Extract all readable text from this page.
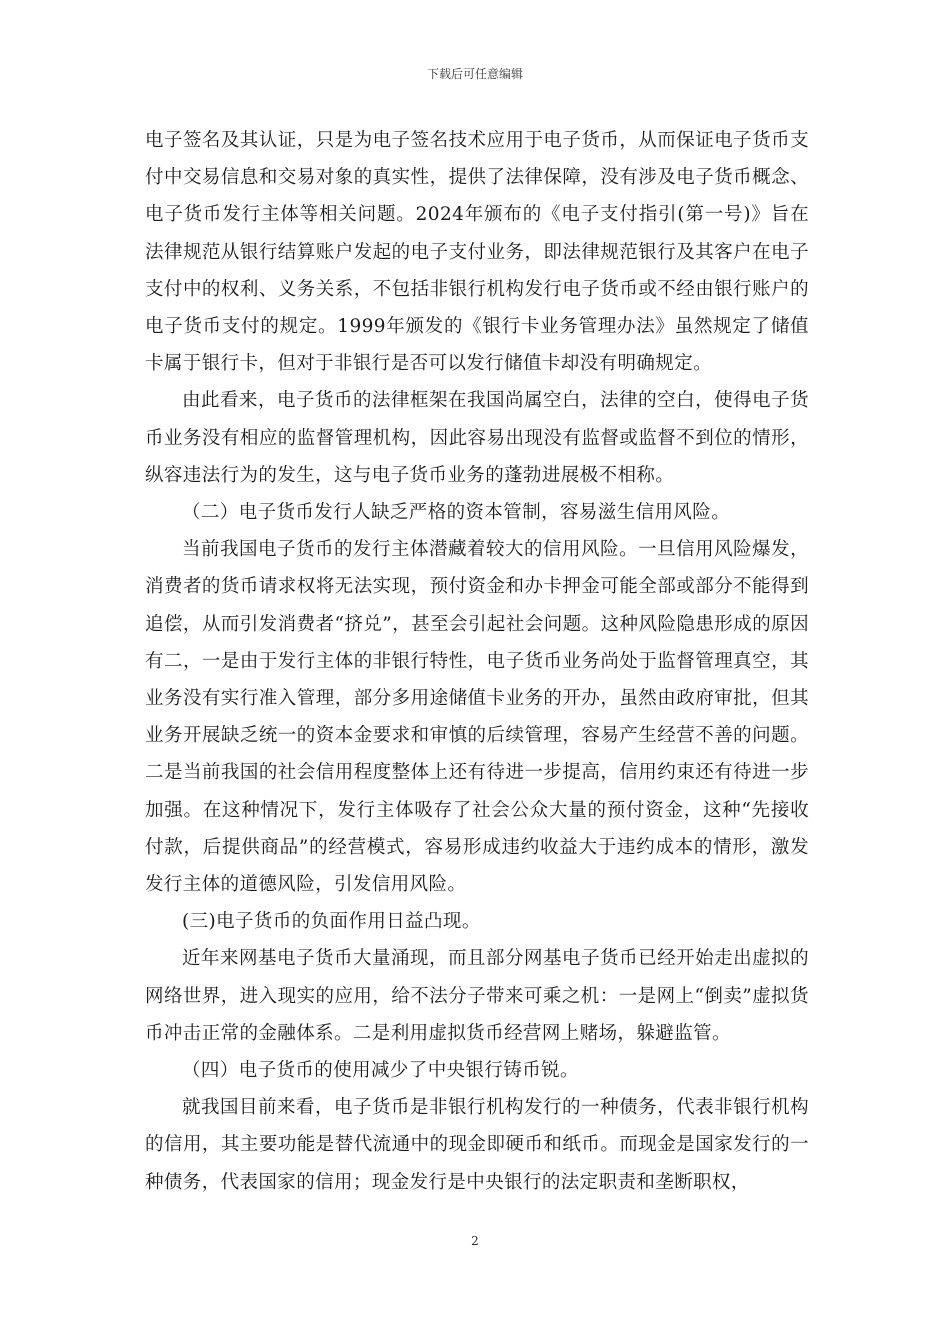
下载后可任意编辑

电子签名及其认证，只是为电子签名技术应用于电子货币，从而保证电子货币支付中交易信息和交易对象的真实性，提供了法律保障，没有涉及电子货币概念、电子货币发行主体等相关问题。2024年颁布的《电子支付指引(第一号)》旨在法律规范从银行结算账户发起的电子支付业务，即法律规范银行及其客户在电子支付中的权利、义务关系，不包括非银行机构发行电子货币或不经由银行账户的电子货币支付的规定。1999年颁发的《银行卡业务管理办法》虽然规定了储值卡属于银行卡，但对于非银行是否可以发行储值卡却没有明确规定。

由此看来，电子货币的法律框架在我国尚属空白，法律的空白，使得电子货币业务没有相应的监督管理机构，因此容易出现没有监督或监督不到位的情形，纵容违法行为的发生，这与电子货币业务的蓬勃进展极不相称。

（二）电子货币发行人缺乏严格的资本管制，容易滋生信用风险。

当前我国电子货币的发行主体潜藏着较大的信用风险。一旦信用风险爆发，消费者的货币请求权将无法实现，预付资金和办卡押金可能全部或部分不能得到追偿，从而引发消费者“挤兑”，甚至会引起社会问题。这种风险隐患形成的原因有二，一是由于发行主体的非银行特性，电子货币业务尚处于监督管理真空，其业务没有实行准入管理，部分多用途储值卡业务的开办，虽然由政府审批，但其业务开展缺乏统一的资本金要求和审慎的后续管理，容易产生经营不善的问题。二是当前我国的社会信用程度整体上还有待进一步提高，信用约束还有待进一步加强。在这种情况下，发行主体吸存了社会公众大量的预付资金，这种“先接收付款，后提供商品”的经营模式，容易形成违约收益大于违约成本的情形，激发发行主体的道德风险，引发信用风险。

(三)电子货币的负面作用日益凸现。

近年来网基电子货币大量涌现，而且部分网基电子货币已经开始走出虚拟的网络世界，进入现实的应用，给不法分子带来可乘之机：一是网上“倒卖”虚拟货币冲击正常的金融体系。二是利用虚拟货币经营网上赌场，躲避监管。

（四）电子货币的使用减少了中央银行铸币锐。

就我国目前来看，电子货币是非银行机构发行的一种债务，代表非银行机构的信用，其主要功能是替代流通中的现金即硬币和纸币。而现金是国家发行的一种债务，代表国家的信用；现金发行是中央银行的法定职责和垄断职权，

2
